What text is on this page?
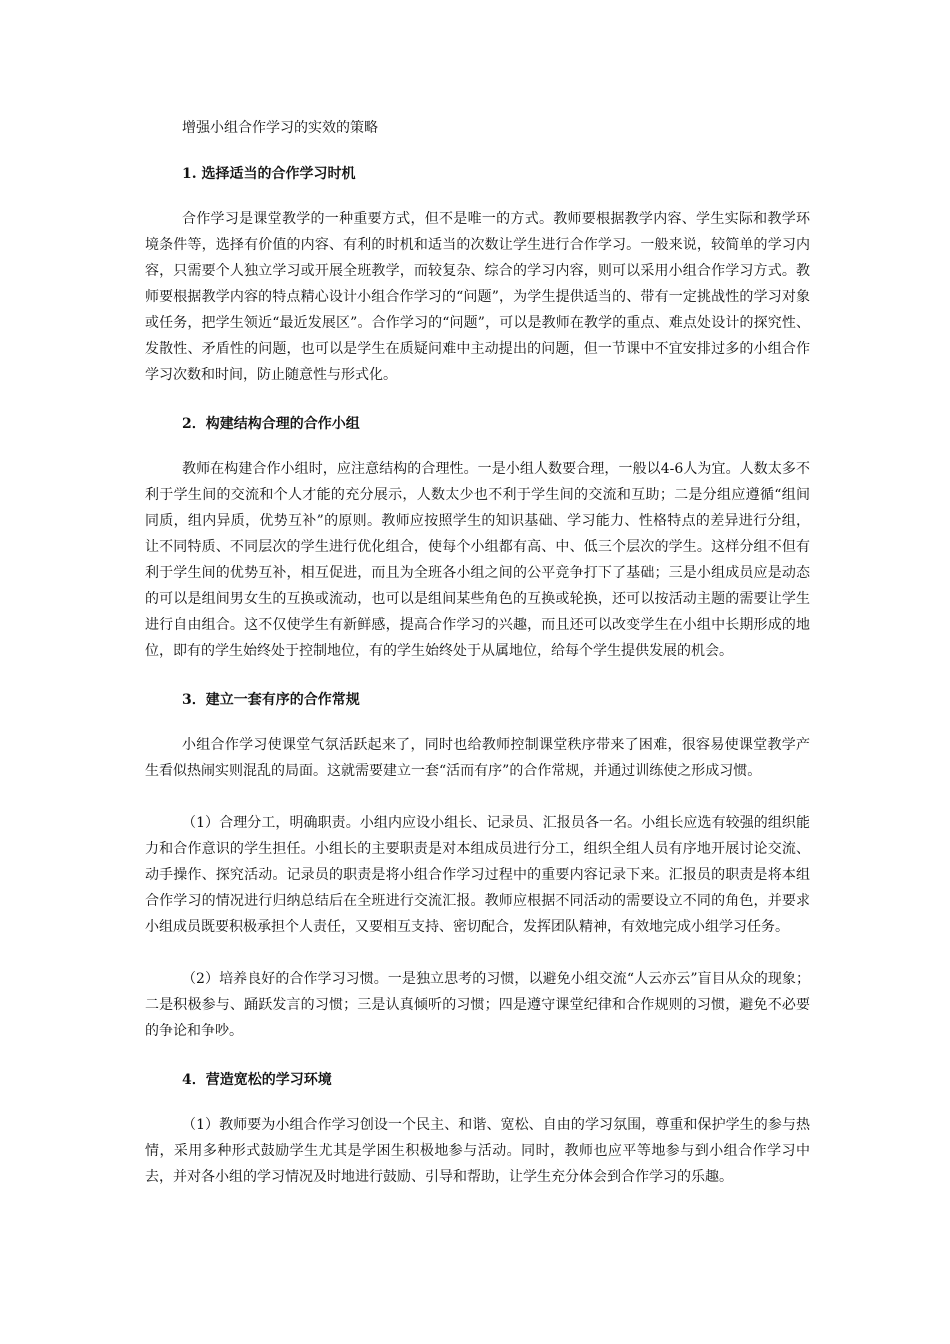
增强小组合作学习的实效的策略
1. 选择适当的合作学习时机

合作学习是课堂教学的一种重要方式，但不是唯一的方式。教师要根据教学内容、学生实际和教学环境条件等，选择有价值的内容、有利的时机和适当的次数让学生进行合作学习。一般来说，较简单的学习内容，只需要个人独立学习或开展全班教学，而较复杂、综合的学习内容，则可以采用小组合作学习方式。教师要根据教学内容的特点精心设计小组合作学习的“问题”，为学生提供适当的、带有一定挑战性的学习对象或任务，把学生领近“最近发展区”。合作学习的“问题”，可以是教师在教学的重点、难点处设计的探究性、发散性、矛盾性的问题，也可以是学生在质疑问难中主动提出的问题，但一节课中不宜安排过多的小组合作学习次数和时间，防止随意性与形式化。

2．构建结构合理的合作小组

教师在构建合作小组时，应注意结构的合理性。一是小组人数要合理，一般以4-6人为宜。人数太多不利于学生间的交流和个人才能的充分展示，人数太少也不利于学生间的交流和互助；二是分组应遵循“组间同质，组内异质，优势互补”的原则。教师应按照学生的知识基础、学习能力、性格特点的差异进行分组，让不同特质、不同层次的学生进行优化组合，使每个小组都有高、中、低三个层次的学生。这样分组不但有利于学生间的优势互补，相互促进，而且为全班各小组之间的公平竞争打下了基础；三是小组成员应是动态的可以是组间男女生的互换或流动，也可以是组间某些角色的互换或轮换，还可以按活动主题的需要让学生进行自由组合。这不仅使学生有新鲜感，提高合作学习的兴趣，而且还可以改变学生在小组中长期形成的地位，即有的学生始终处于控制地位，有的学生始终处于从属地位，给每个学生提供发展的机会。

3．建立一套有序的合作常规

小组合作学习使课堂气氛活跃起来了，同时也给教师控制课堂秩序带来了困难，很容易使课堂教学产生看似热闹实则混乱的局面。这就需要建立一套“活而有序”的合作常规，并通过训练使之形成习惯。

（1）合理分工，明确职责。小组内应设小组长、记录员、汇报员各一名。小组长应选有较强的组织能力和合作意识的学生担任。小组长的主要职责是对本组成员进行分工，组织全组人员有序地开展讨论交流、动手操作、探究活动。记录员的职责是将小组合作学习过程中的重要内容记录下来。汇报员的职责是将本组合作学习的情况进行归纳总结后在全班进行交流汇报。教师应根据不同活动的需要设立不同的角色，并要求小组成员既要积极承担个人责任，又要相互支持、密切配合，发挥团队精神，有效地完成小组学习任务。

（2）培养良好的合作学习习惯。一是独立思考的习惯，以避免小组交流“人云亦云”盲目从众的现象；二是积极参与、踊跃发言的习惯；三是认真倾听的习惯；四是遵守课堂纪律和合作规则的习惯，避免不必要的争论和争吵。

4．营造宽松的学习环境

（1）教师要为小组合作学习创设一个民主、和谐、宽松、自由的学习氛围，尊重和保护学生的参与热情，采用多种形式鼓励学生尤其是学困生积极地参与活动。同时，教师也应平等地参与到小组合作学习中去，并对各小组的学习情况及时地进行鼓励、引导和帮助，让学生充分体会到合作学习的乐趣。
